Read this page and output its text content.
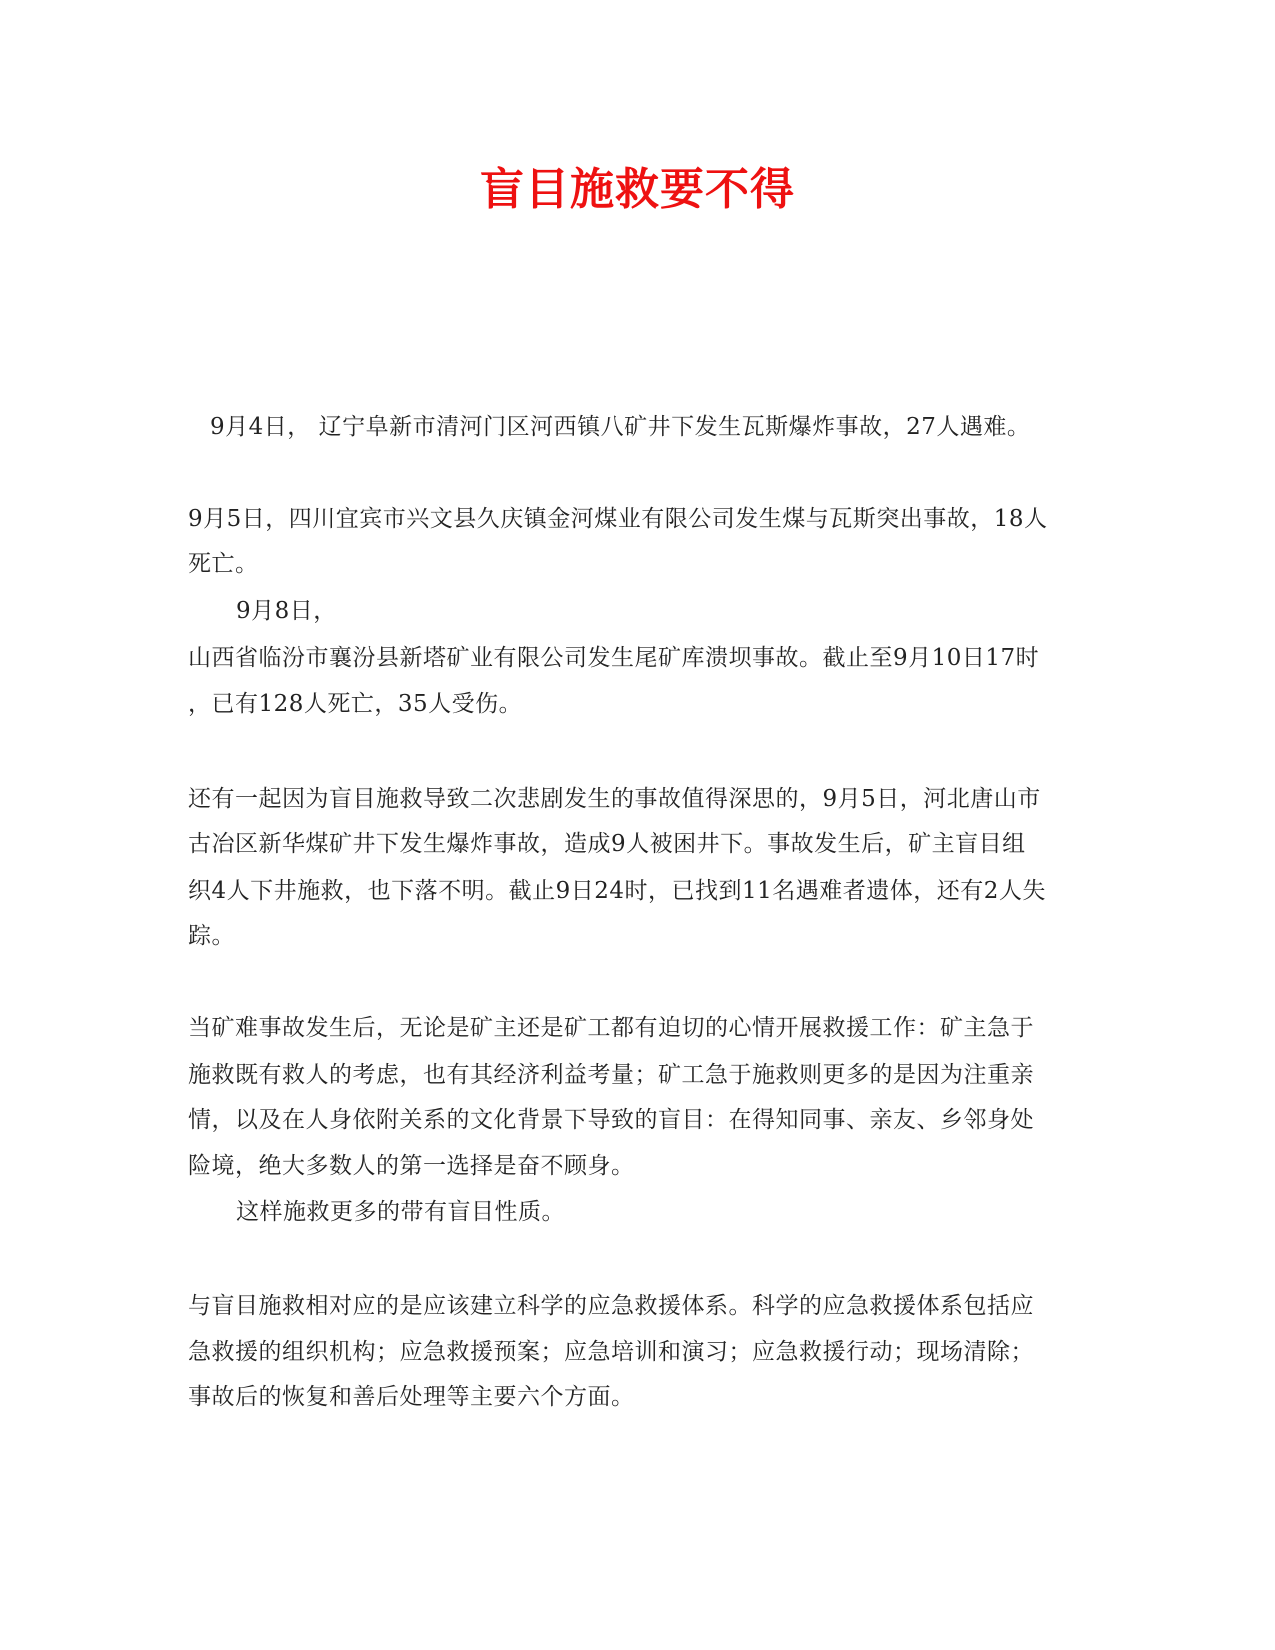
盲目施救要不得
9月4日， 辽宁阜新市清河门区河西镇八矿井下发生瓦斯爆炸事故，27人遇难。
9月5日，四川宜宾市兴文县久庆镇金河煤业有限公司发生煤与瓦斯突出事故，18人
死亡。
9月8日，
山西省临汾市襄汾县新塔矿业有限公司发生尾矿库溃坝事故。截止至9月10日17时
，已有128人死亡，35人受伤。
还有一起因为盲目施救导致二次悲剧发生的事故值得深思的，9月5日，河北唐山市
古冶区新华煤矿井下发生爆炸事故，造成9人被困井下。事故发生后，矿主盲目组
织4人下井施救，也下落不明。截止9日24时，已找到11名遇难者遗体，还有2人失
踪。
当矿难事故发生后，无论是矿主还是矿工都有迫切的心情开展救援工作：矿主急于
施救既有救人的考虑，也有其经济利益考量；矿工急于施救则更多的是因为注重亲
情，以及在人身依附关系的文化背景下导致的盲目：在得知同事、亲友、乡邻身处
险境，绝大多数人的第一选择是奋不顾身。
这样施救更多的带有盲目性质。
与盲目施救相对应的是应该建立科学的应急救援体系。科学的应急救援体系包括应
急救援的组织机构；应急救援预案；应急培训和演习；应急救援行动；现场清除；
事故后的恢复和善后处理等主要六个方面。
